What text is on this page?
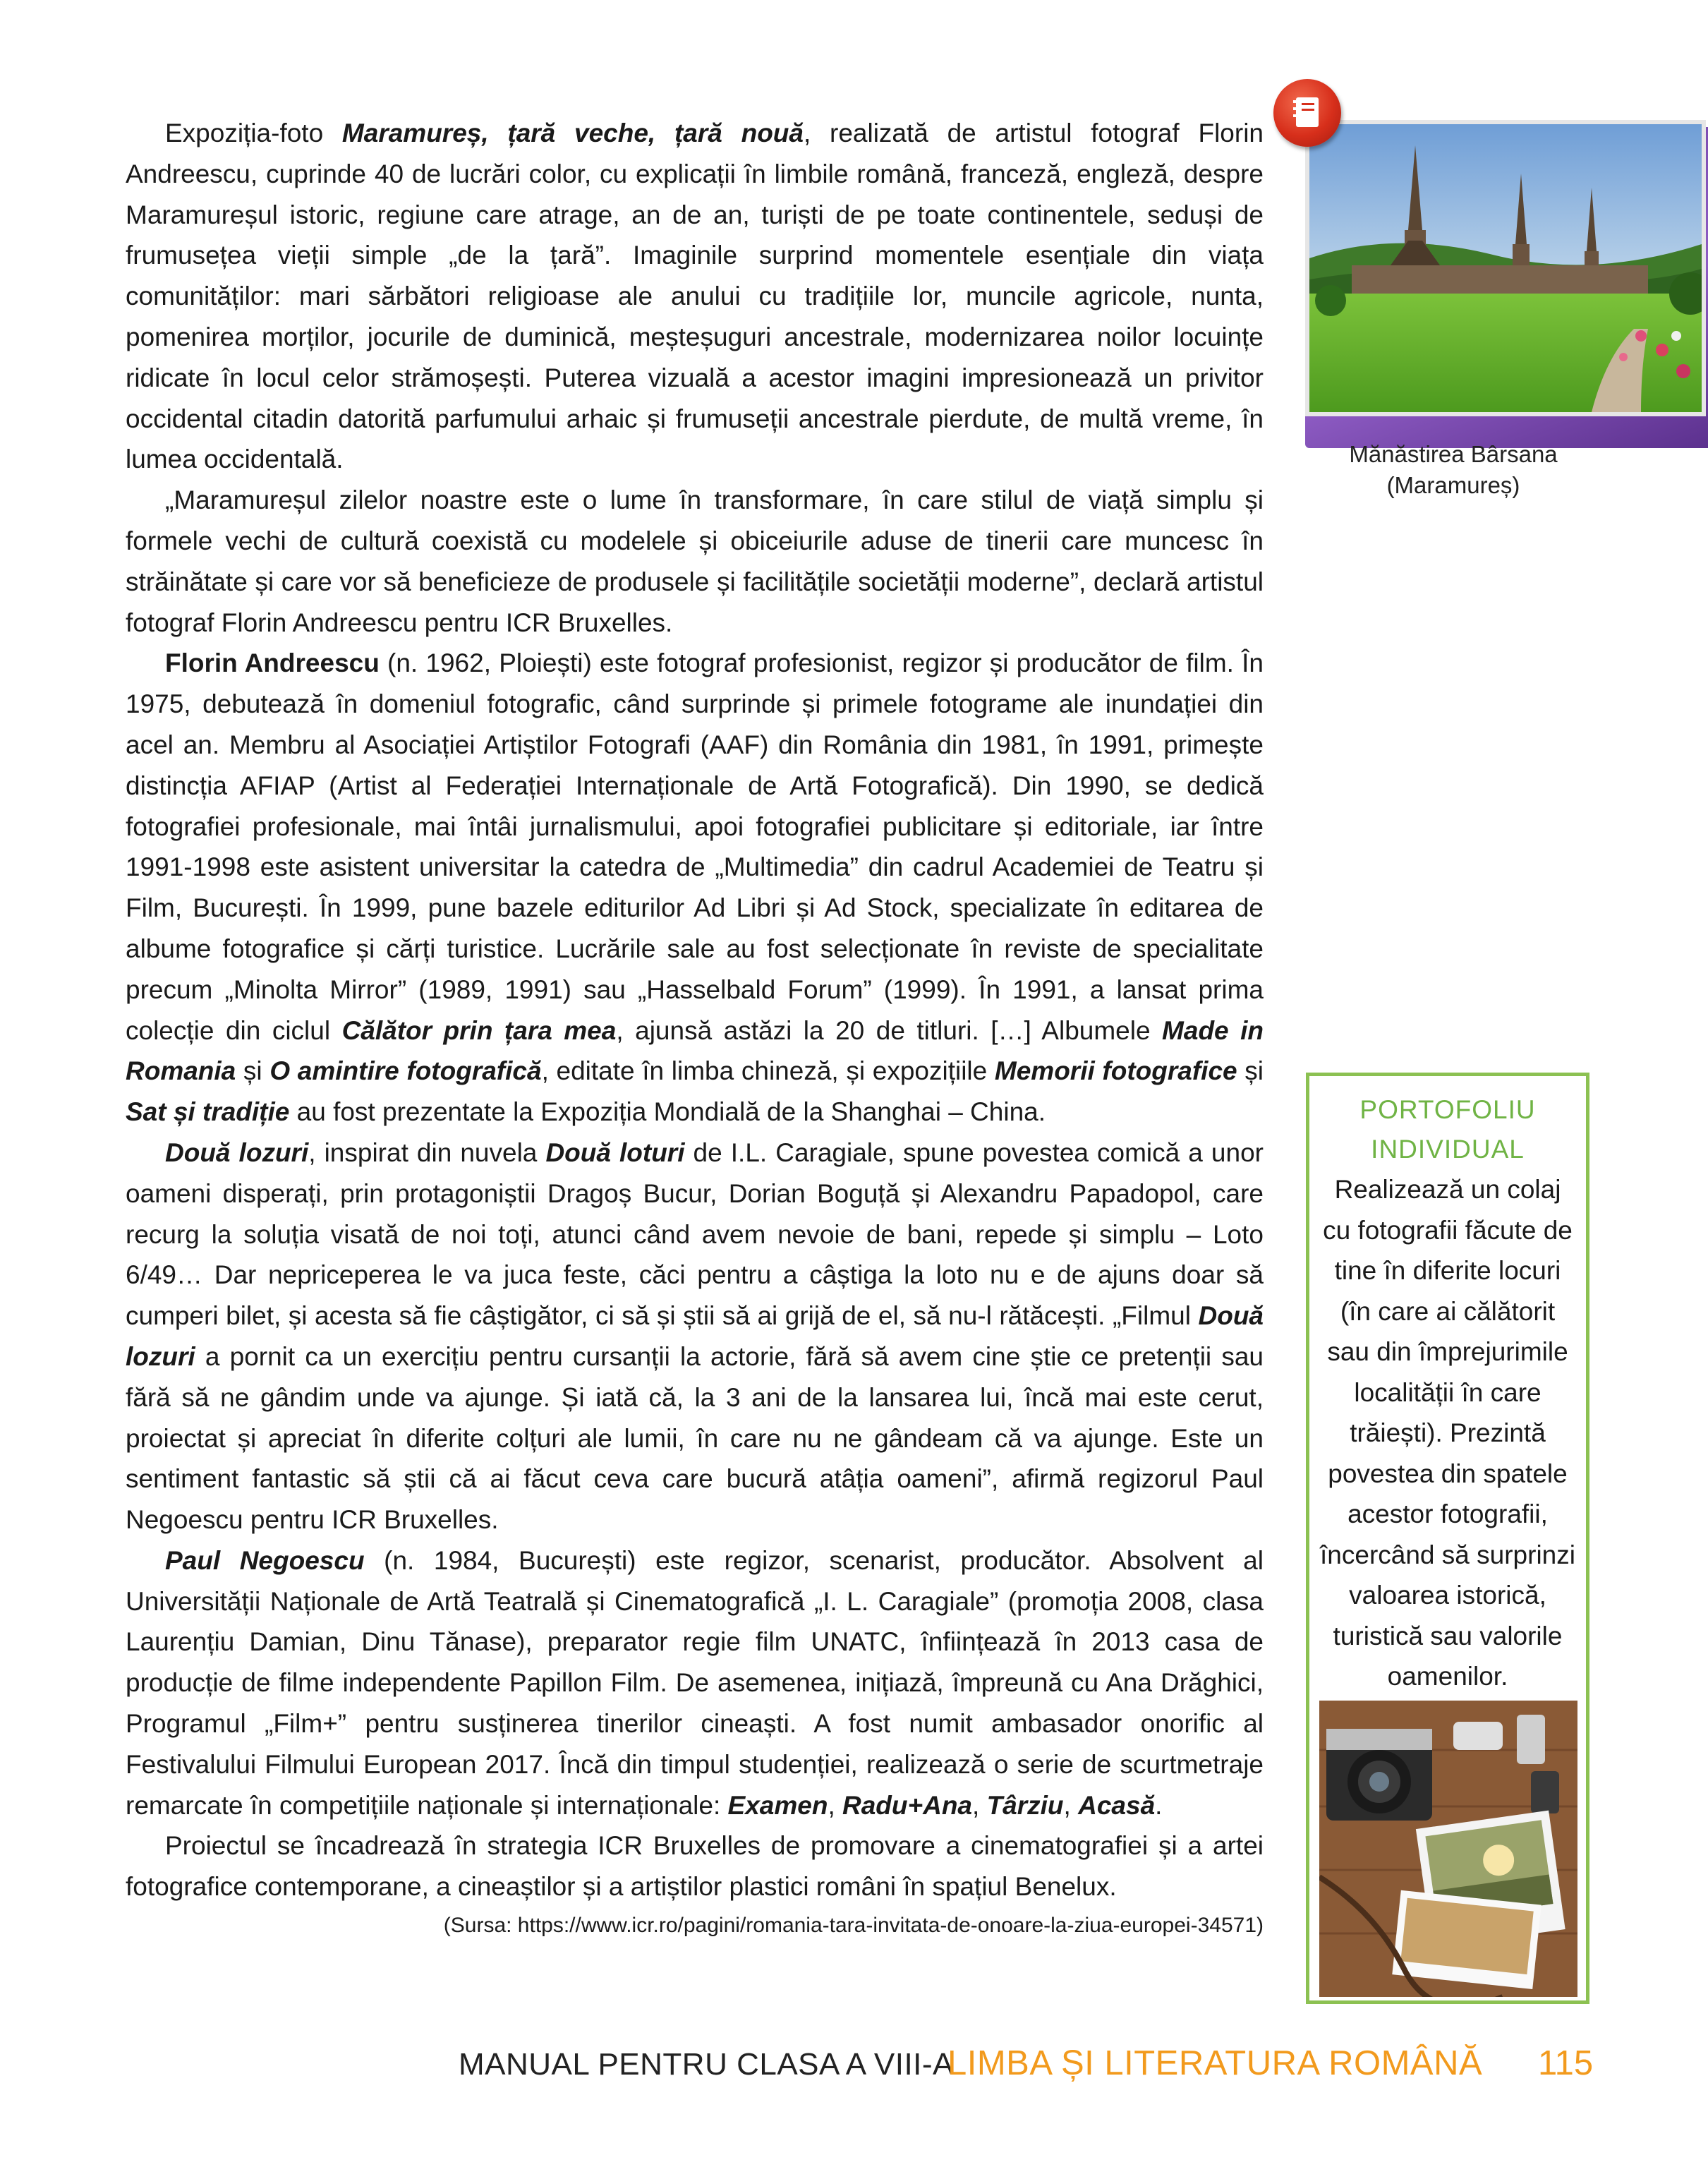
Expoziția-foto Maramureș, țară veche, țară nouă, realizată de artistul fotograf Florin Andreescu, cuprinde 40 de lucrări color, cu explicații în limbile română, franceză, engleză, despre Maramureșul istoric, regiune care atrage, an de an, turiști de pe toate continentele, seduși de frumusețea vieții simple „de la țară”. Imaginile surprind momentele esențiale din viața comunităților: mari sărbători religioase ale anului cu tradițiile lor, muncile agricole, nunta, pomenirea morților, jocurile de duminică, meșteșuguri ancestrale, modernizarea noilor locuințe ridicate în locul celor strămoșești. Puterea vizuală a acestor imagini impresionează un privitor occidental citadin datorită parfumului arhaic și frumuseții ancestrale pierdute, de multă vreme, în lumea occidentală.

„Maramureșul zilelor noastre este o lume în transformare, în care stilul de viață simplu și formele vechi de cultură coexistă cu modelele și obiceiurile aduse de tinerii care muncesc în străinătate și care vor să beneficieze de produsele și facilitățile societății moderne”, declară artistul fotograf Florin Andreescu pentru ICR Bruxelles.

Florin Andreescu (n. 1962, Ploiești) este fotograf profesionist, regizor și producător de film. În 1975, debutează în domeniul fotografic, când surprinde și primele fotograme ale inundației din acel an. Membru al Asociației Artiștilor Fotografi (AAF) din România din 1981, în 1991, primește distincția AFIAP (Artist al Federației Internaționale de Artă Fotografică). Din 1990, se dedică fotografiei profesionale, mai întâi jurnalismului, apoi fotografiei publicitare și editoriale, iar între 1991-1998 este asistent universitar la catedra de „Multimedia” din cadrul Academiei de Teatru și Film, București. În 1999, pune bazele editurilor Ad Libri și Ad Stock, specializate în editarea de albume fotografice și cărți turistice. Lucrările sale au fost selecționate în reviste de specialitate precum „Minolta Mirror” (1989, 1991) sau „Hasselbald Forum” (1999). În 1991, a lansat prima colecție din ciclul Călător prin țara mea, ajunsă astăzi la 20 de titluri. […] Albumele Made in Romania și O amintire fotografică, editate în limba chineză, și expozițiile Memorii fotografice și Sat și tradiție au fost prezentate la Expoziția Mondială de la Shanghai – China.

Două lozuri, inspirat din nuvela Două loturi de I.L. Caragiale, spune povestea comică a unor oameni disperați, prin protagoniștii Dragoș Bucur, Dorian Boguță și Alexandru Papadopol, care recurg la soluția visată de noi toți, atunci când avem nevoie de bani, repede și simplu – Loto 6/49… Dar nepriceperea le va juca feste, căci pentru a câștiga la loto nu e de ajuns doar să cumperi bilet, și acesta să fie câștigător, ci să și știi să ai grijă de el, să nu-l rătăcești. „Filmul Două lozuri a pornit ca un exercițiu pentru cursanții la actorie, fără să avem cine știe ce pretenții sau fără să ne gândim unde va ajunge. Și iată că, la 3 ani de la lansarea lui, încă mai este cerut, proiectat și apreciat în diferite colțuri ale lumii, în care nu ne gândeam că va ajunge. Este un sentiment fantastic să știi că ai făcut ceva care bucură atâția oameni”, afirmă regizorul Paul Negoescu pentru ICR Bruxelles.

Paul Negoescu (n. 1984, București) este regizor, scenarist, producător. Absolvent al Universității Naționale de Artă Teatrală și Cinematografică „I. L. Caragiale” (promoția 2008, clasa Laurențiu Damian, Dinu Tănase), preparator regie film UNATC, înființează în 2013 casa de producție de filme independente Papillon Film. De asemenea, inițiază, împreună cu Ana Drăghici, Programul „Film+” pentru susținerea tinerilor cineaști. A fost numit ambasador onorific al Festivalului Filmului European 2017. Încă din timpul studenției, realizează o serie de scurtmetraje remarcate în competițiile naționale și internaționale: Examen, Radu+Ana, Târziu, Acasă.

Proiectul se încadrează în strategia ICR Bruxelles de promovare a cinematografiei și a artei fotografice contemporane, a cineaștilor și a artiștilor plastici români în spațiul Benelux.

(Sursa: https://www.icr.ro/pagini/romania-tara-invitata-de-onoare-la-ziua-europei-34571)

Mănăstirea Bârsana
(Maramureș)
PORTOFOLIU
INDIVIDUAL
Realizează un colaj cu fotografii făcute de tine în diferite locuri (în care ai călătorit sau din împrejurimile localității în care trăiești). Prezintă povestea din spatele acestor fotografii, încercând să surprinzi valoarea istorică, turistică sau valorile oamenilor.
MANUAL PENTRU CLASA A VIII-A
LIMBA ȘI LITERATURA ROMÂNĂ 115
